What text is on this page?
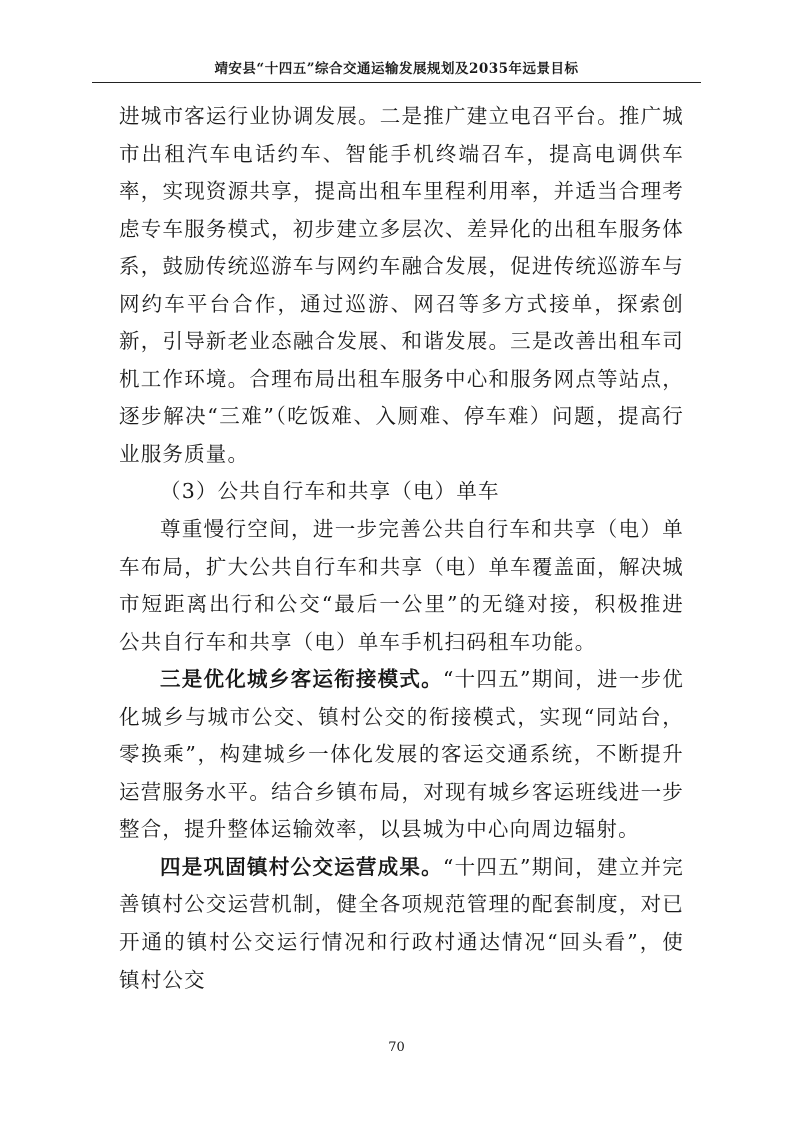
靖安县“十四五”综合交通运输发展规划及2035年远景目标

进城市客运行业协调发展。二是推广建立电召平台。推广城市出租汽车电话约车、智能手机终端召车，提高电调供车率，实现资源共享，提高出租车里程利用率，并适当合理考虑专车服务模式，初步建立多层次、差异化的出租车服务体系，鼓励传统巡游车与网约车融合发展，促进传统巡游车与网约车平台合作，通过巡游、网召等多方式接单，探索创新，引导新老业态融合发展、和谐发展。三是改善出租车司机工作环境。合理布局出租车服务中心和服务网点等站点，逐步解决“三难”（吃饭难、入厕难、停车难）问题，提高行业服务质量。

（3）公共自行车和共享（电）单车

尊重慢行空间，进一步完善公共自行车和共享（电）单车布局，扩大公共自行车和共享（电）单车覆盖面，解决城市短距离出行和公交“最后一公里”的无缝对接，积极推进公共自行车和共享（电）单车手机扫码租车功能。

三是优化城乡客运衔接模式。“十四五”期间，进一步优化城乡与城市公交、镇村公交的衔接模式，实现“同站台，零换乘”，构建城乡一体化发展的客运交通系统，不断提升运营服务水平。结合乡镇布局，对现有城乡客运班线进一步整合，提升整体运输效率，以县城为中心向周边辐射。

四是巩固镇村公交运营成果。“十四五”期间，建立并完善镇村公交运营机制，健全各项规范管理的配套制度，对已开通的镇村公交运行情况和行政村通达情况“回头看”，使镇村公交

70
